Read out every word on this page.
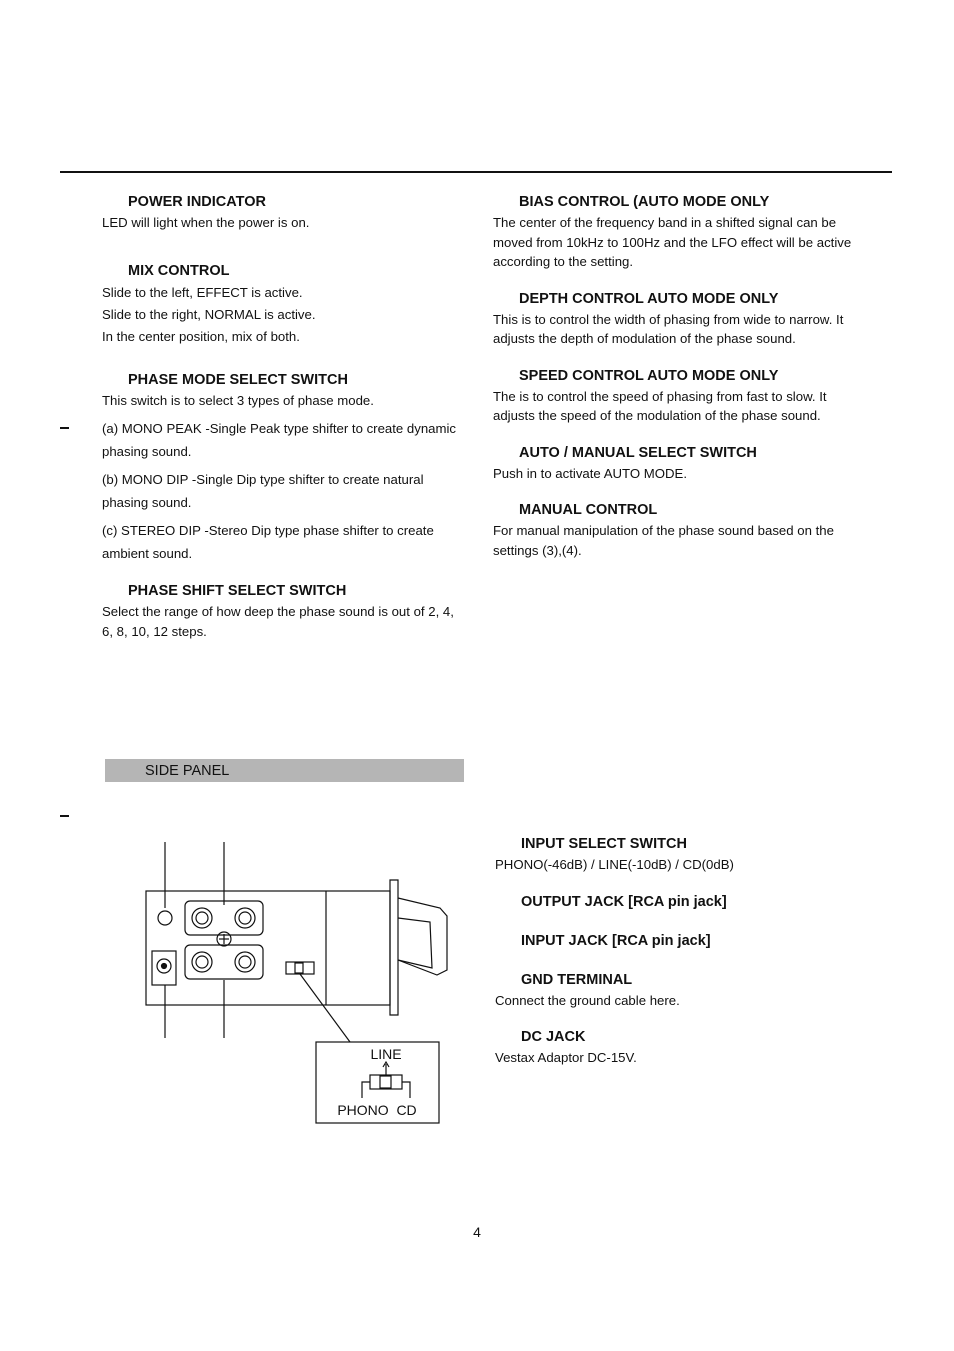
POWER INDICATOR

LED will light when the power is on.

MIX CONTROL

Slide to the left, EFFECT is active.

Slide to the right, NORMAL is active.

In the center position, mix of both.

PHASE MODE SELECT SWITCH

This switch is to select 3 types of phase mode.

(a) MONO PEAK -Single Peak type shifter to create dynamic phasing sound.
(b) MONO DIP -Single Dip type shifter to create natural phasing sound.
(c) STEREO DIP -Stereo Dip type phase shifter to create ambient sound.
PHASE SHIFT SELECT SWITCH

Select the range of how deep the phase sound is out of 2, 4, 6, 8, 10, 12 steps.

BIAS CONTROL (AUTO MODE ONLY

The center of the frequency band in a shifted signal can be moved from 10kHz to 100Hz and the LFO effect will be active according to the setting.

DEPTH CONTROL AUTO MODE ONLY

This is to control the width of phasing from wide to narrow. It adjusts the depth of modulation of the phase sound.

SPEED CONTROL AUTO MODE ONLY

The is to control the speed of phasing from fast to slow. It adjusts the speed of the modulation of the phase sound.

AUTO / MANUAL SELECT SWITCH

Push in to activate AUTO MODE.

MANUAL CONTROL

For manual manipulation of the phase sound based on the settings (3),(4).

SIDE PANEL
LINE
PHONO  CD
INPUT SELECT SWITCH

PHONO(-46dB) / LINE(-10dB) / CD(0dB)

OUTPUT JACK [RCA pin jack]
INPUT JACK [RCA pin jack]
GND TERMINAL

Connect the ground cable here.

DC JACK

Vestax Adaptor DC-15V.

4
